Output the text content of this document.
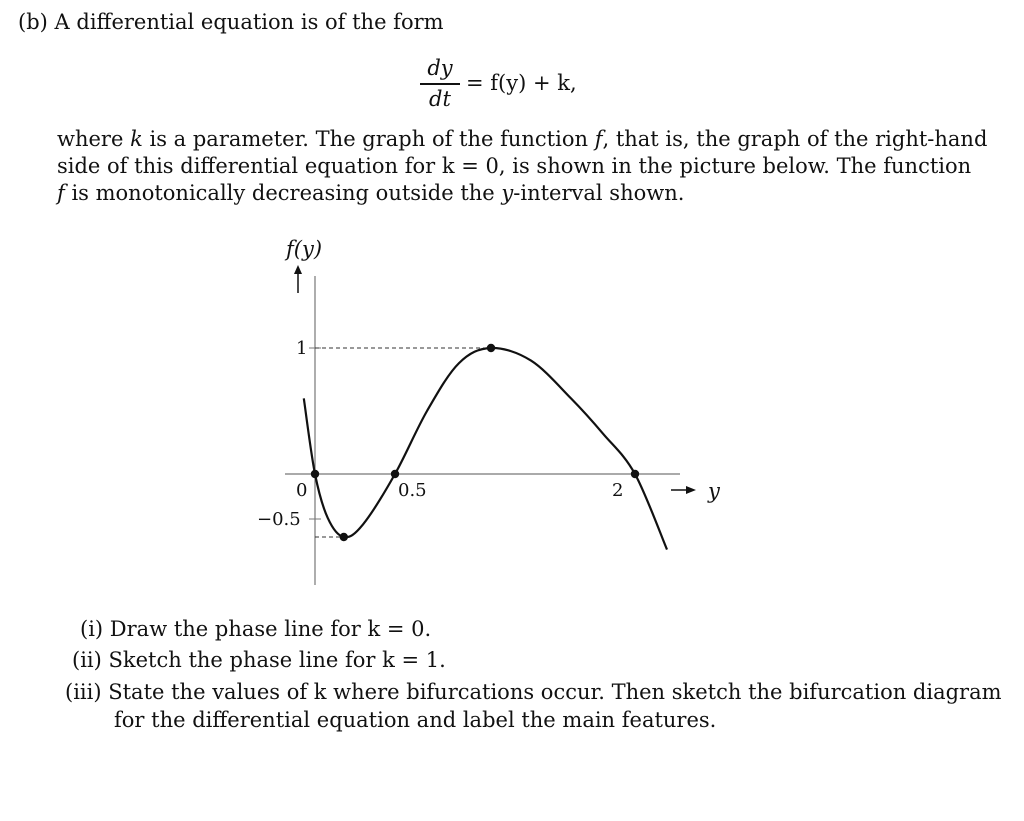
(b) A differential equation is of the form
dy
dt
= f(y) + k,
where k is a parameter. The graph of the function f, that is, the graph of the right-hand
side of this differential equation for k = 0, is shown in the picture below. The function
f is monotonically decreasing outside the y-interval shown.
f(y)
y
0	0.5	2
1
−0.5
(i) Draw the phase line for k = 0.
(ii) Sketch the phase line for k = 1.
(iii) State the values of k where bifurcations occur. Then sketch the bifurcation diagram
for the differential equation and label the main features.
